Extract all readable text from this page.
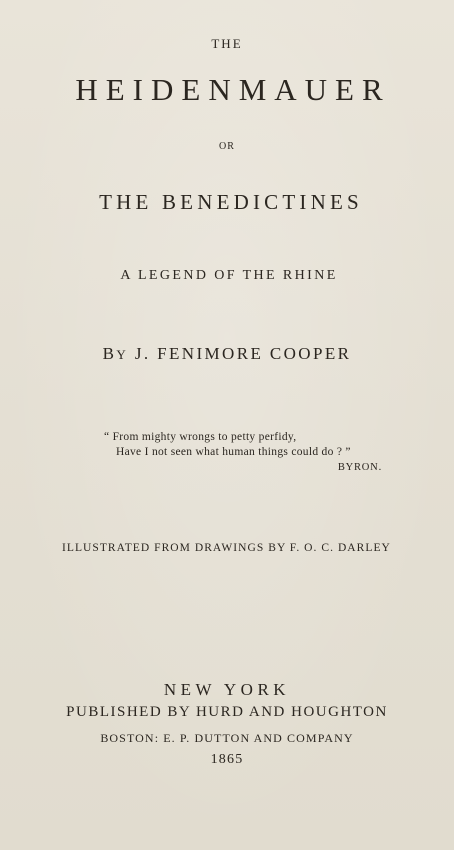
THE
HEIDENMAUER
OR
THE BENEDICTINES
A LEGEND OF THE RHINE
BY J. FENIMORE COOPER
“ From mighty wrongs to petty perfidy,
Have I not seen what human things could do ? ”
BYRON.
ILLUSTRATED FROM DRAWINGS BY F. O. C. DARLEY
NEW YORK
PUBLISHED BY HURD AND HOUGHTON
BOSTON: E. P. DUTTON AND COMPANY
1865
